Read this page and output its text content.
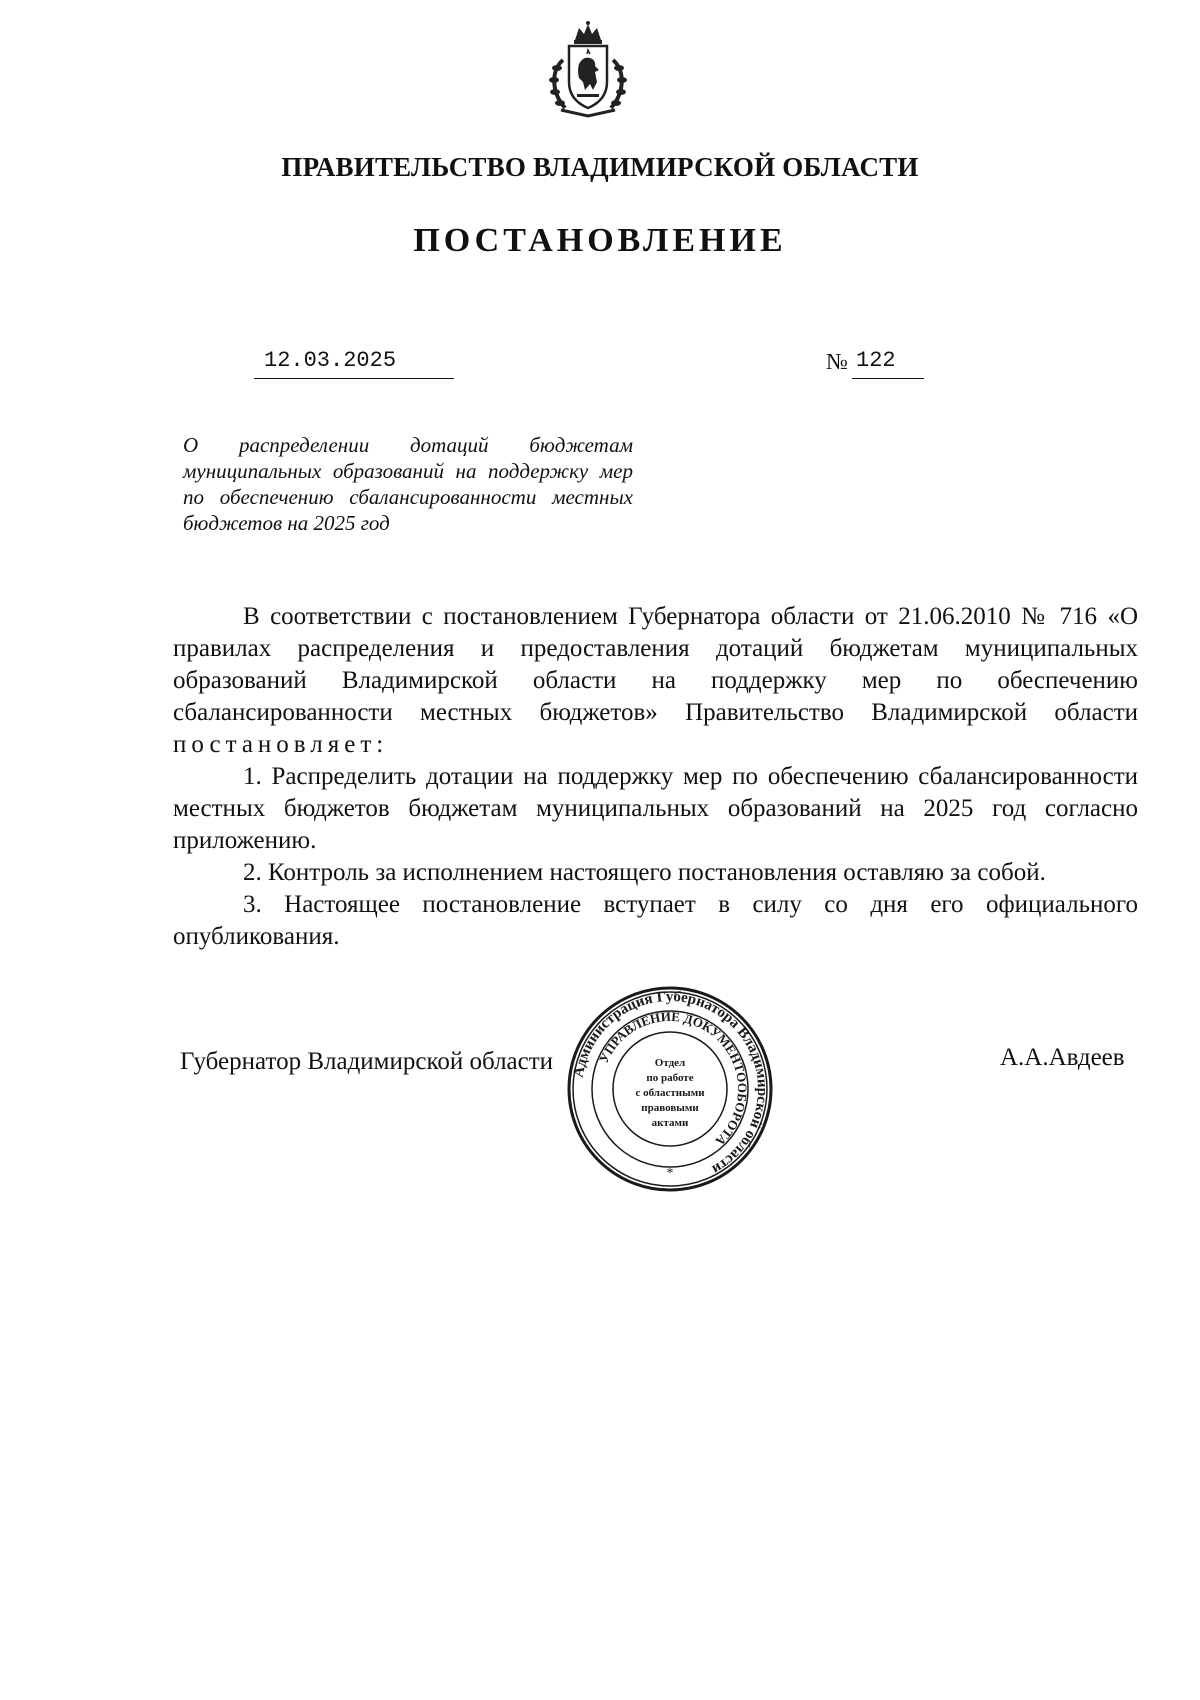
ПРАВИТЕЛЬСТВО ВЛАДИМИРСКОЙ ОБЛАСТИ
ПОСТАНОВЛЕНИЕ
12.03.2025	№ 122
О распределении дотаций бюджетам муниципальных образований на поддержку мер по обеспечению сбалансированности местных бюджетов на 2025 год

В соответствии с постановлением Губернатора области от 21.06.2010 № 716 «О правилах распределения и предоставления дотаций бюджетам муниципальных образований Владимирской области на поддержку мер по обеспечению сбалансированности местных бюджетов» Правительство Владимирской области постановляет:

1. Распределить дотации на поддержку мер по обеспечению сбалансированности местных бюджетов бюджетам муниципальных образований на 2025 год согласно приложению.

2. Контроль за исполнением настоящего постановления оставляю за собой.

3. Настоящее постановление вступает в силу со дня его официального опубликования.

Губернатор Владимирской области	А.А.Авдеев
Администрация Губернатора Владимирской области
УПРАВЛЕНИЕ ДОКУМЕНТООБОРОТА
*
Отдел
по работе
с областными
правовыми
актами
